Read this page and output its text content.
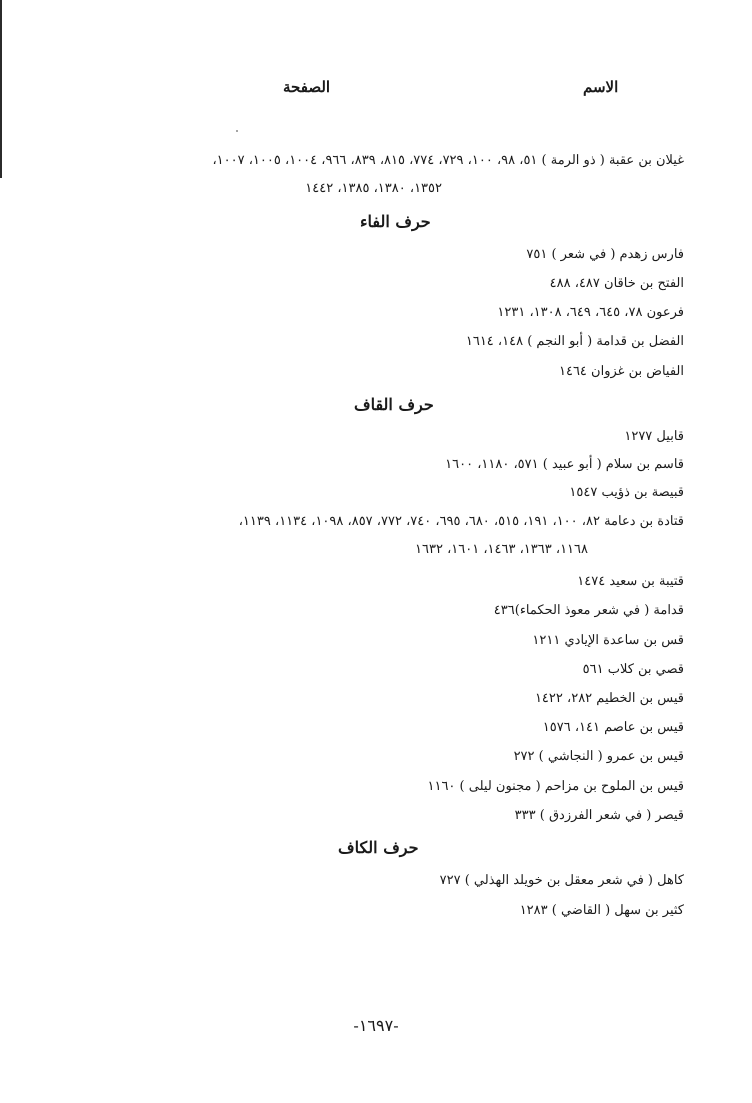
الاسم
الصفحة
غيلان بن عقبة ( ذو الرمة ) ٥١، ٩٨، ١٠٠، ٧٢٩، ٧٧٤، ٨١٥، ٨٣٩، ٩٦٦، ١٠٠٤، ١٠٠٥، ١٠٠٧،
١٣٥٢، ١٣٨٠، ١٣٨٥، ١٤٤٢
حرف الفاء
فارس زهدم ( في شعر ) ٧٥١
الفتح بن خاقان ٤٨٧، ٤٨٨
فرعون ٧٨، ٦٤٥، ٦٤٩، ١٣٠٨، ١٢٣١
الفضل بن قدامة ( أبو النجم ) ١٤٨، ١٦١٤
الفياض بن غزوان ١٤٦٤
حرف القاف
قابيل ١٢٧٧
قاسم بن سلام ( أبو عبيد ) ٥٧١، ١١٨٠، ١٦٠٠
قبيصة بن ذؤيب ١٥٤٧
قتادة بن دعامة ٨٢، ١٠٠، ١٩١، ٥١٥، ٦٨٠، ٦٩٥، ٧٤٠، ٧٧٢، ٨٥٧، ١٠٩٨، ١١٣٤، ١١٣٩،
١١٦٨، ١٣٦٣، ١٤٦٣، ١٦٠١، ١٦٣٢
قتيبة بن سعيد ١٤٧٤
قدامة ( في شعر معوذ الحكماء)٤٣٦
قس بن ساعدة الإيادي ١٢١١
قصي بن كلاب ٥٦١
قيس بن الخطيم ٢٨٢، ١٤٢٢
قيس بن عاصم ١٤١، ١٥٧٦
قيس بن عمرو ( النجاشي ) ٢٧٢
قيس بن الملوح بن مزاحم ( مجنون ليلى ) ١١٦٠
قيصر ( في شعر الفرزدق ) ٣٣٣
حرف الكاف
كاهل ( في شعر معقل بن خويلد الهذلي ) ٧٢٧
كثير بن سهل ( القاضي ) ١٢٨٣
-١٦٩٧-
